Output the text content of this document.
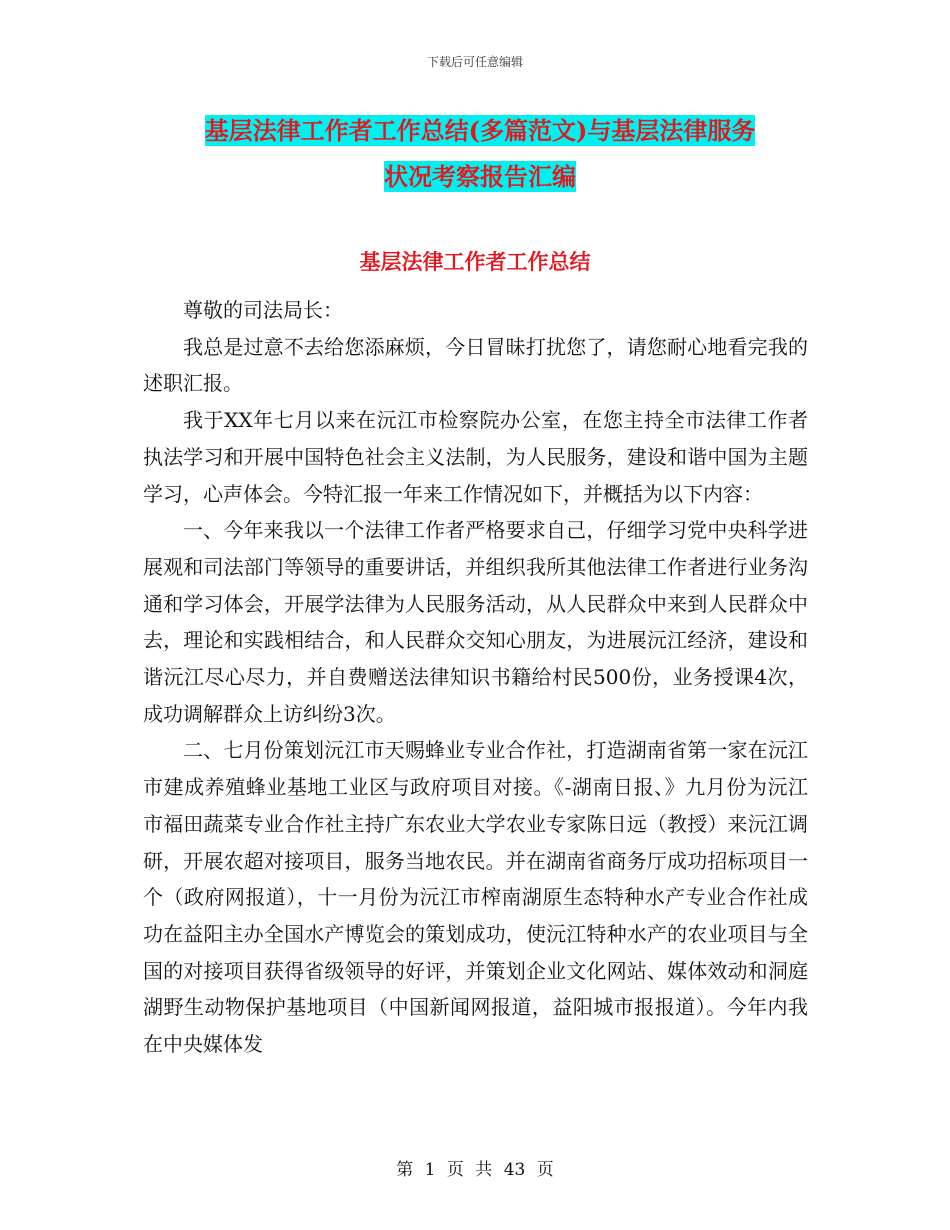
下载后可任意编辑
基层法律工作者工作总结(多篇范文)与基层法律服务
状况考察报告汇编
基层法律工作者工作总结

尊敬的司法局长：

我总是过意不去给您添麻烦，今日冒昧打扰您了，请您耐心地看完我的述职汇报。

我于XX年七月以来在沅江市检察院办公室，在您主持全市法律工作者执法学习和开展中国特色社会主义法制，为人民服务，建设和谐中国为主题学习，心声体会。今特汇报一年来工作情况如下，并概括为以下内容：

一、今年来我以一个法律工作者严格要求自己，仔细学习党中央科学进展观和司法部门等领导的重要讲话，并组织我所其他法律工作者进行业务沟通和学习体会，开展学法律为人民服务活动，从人民群众中来到人民群众中去，理论和实践相结合，和人民群众交知心朋友，为进展沅江经济，建设和谐沅江尽心尽力，并自费赠送法律知识书籍给村民500份，业务授课4次，成功调解群众上访纠纷3次。

二、七月份策划沅江市天赐蜂业专业合作社，打造湖南省第一家在沅江市建成养殖蜂业基地工业区与政府项目对接。《-湖南日报、》九月份为沅江市福田蔬菜专业合作社主持广东农业大学农业专家陈日远（教授）来沅江调研，开展农超对接项目，服务当地农民。并在湖南省商务厅成功招标项目一个（政府网报道），十一月份为沅江市榨南湖原生态特种水产专业合作社成功在益阳主办全国水产博览会的策划成功，使沅江特种水产的农业项目与全国的对接项目获得省级领导的好评，并策划企业文化网站、媒体效动和洞庭湖野生动物保护基地项目（中国新闻网报道，益阳城市报报道）。今年内我在中央媒体发

第 1 页 共 43 页
